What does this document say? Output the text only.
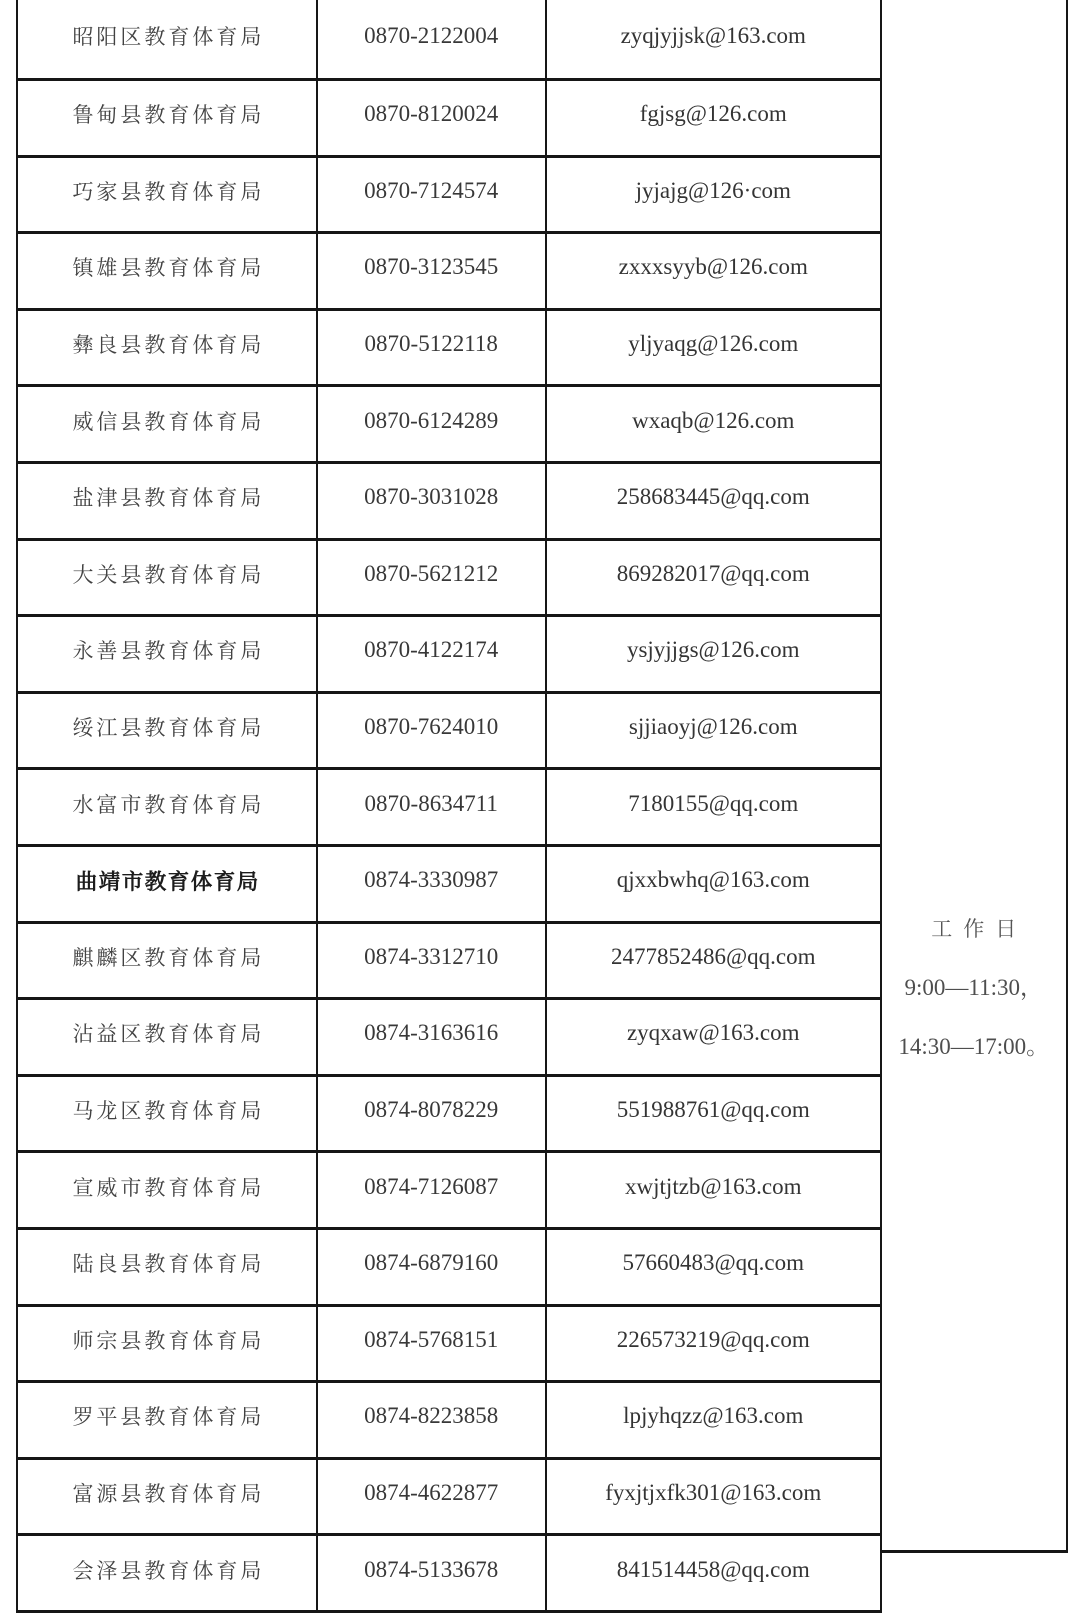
昭阳区教育体育局	0870-2122004	zyqjyjjsk@163.com
鲁甸县教育体育局	0870-8120024	fgjsg@126.com
巧家县教育体育局	0870-7124574	jyjajg@126·com
镇雄县教育体育局	0870-3123545	zxxxsyyb@126.com
彝良县教育体育局	0870-5122118	yljyaqg@126.com
威信县教育体育局	0870-6124289	wxaqb@126.com
盐津县教育体育局	0870-3031028	258683445@qq.com
大关县教育体育局	0870-5621212	869282017@qq.com
永善县教育体育局	0870-4122174	ysjyjjgs@126.com
绥江县教育体育局	0870-7624010	sjjiaoyj@126.com
水富市教育体育局	0870-8634711	7180155@qq.com
曲靖市教育体育局	0874-3330987	qjxxbwhq@163.com
麒麟区教育体育局	0874-3312710	2477852486@qq.com
沾益区教育体育局	0874-3163616	zyqxaw@163.com
马龙区教育体育局	0874-8078229	551988761@qq.com
宣威市教育体育局	0874-7126087	xwjtjtzb@163.com
陆良县教育体育局	0874-6879160	57660483@qq.com
师宗县教育体育局	0874-5768151	226573219@qq.com
罗平县教育体育局	0874-8223858	lpjyhqzz@163.com
富源县教育体育局	0874-4622877	fyxjtjxfk301@163.com
会泽县教育体育局	0874-5133678	841514458@qq.com
工作日
9:00—11:30，
14:30—17:00。
